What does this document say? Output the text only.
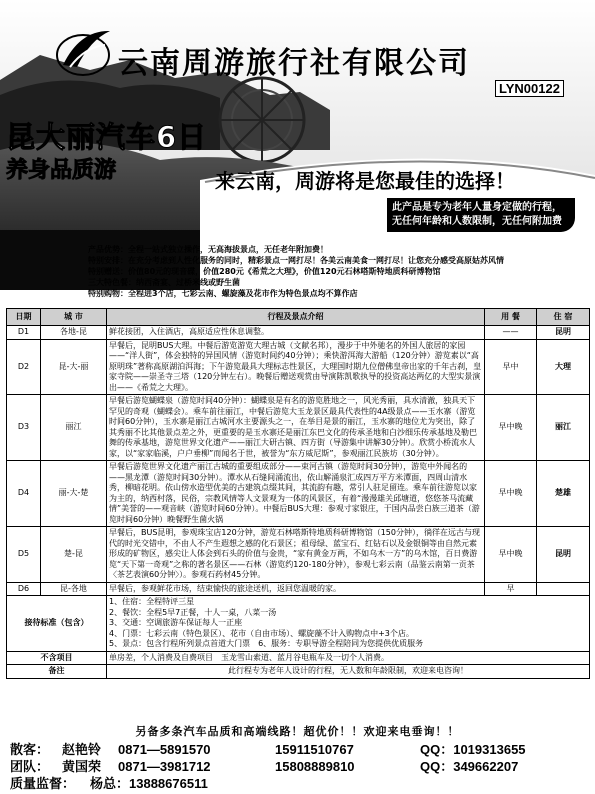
云南周游旅行社有限公司
LYN00122
昆大丽汽车6日
养身品质游	来云南，周游将是您最佳的选择！
此产品是专为老年人量身定做的行程，无任何年龄和人数限制，无任何附加费
产品优势：全程一站式独立操作，无高海拔景点，无任老年附加费！
特别安排：在充分考虑到人性化服务的同时，精彩景点一网打尽！各美云南美食一网打尽！让您充分感受高原姑苏风情
特别赠送：价值80元的现音碟，价值280元《希荒之大理》，价值120元石林嗒斯特地质科研博物馆
三大特色餐：纳西斋宴、过桥米线或野生菌
特别购物：全程进3个店，七彩云南、螺旋藻及花市作为特色景点均不算作店
日期	城 市	行程及景点介绍	用 餐	住 宿
D1	各地-昆	鲜花接团，入住酒店，高原适应性休息调整。	——	昆明
D2	昆-大-丽	早餐后，昆明BUS大理。中餐后游览游览大理古城（文献名邦），漫步于中外驰名的外国人旅居的家园——“洋人街”，体会独特的异国风情（游览时间约40分钟）；乘快游洱海大游船（120分钟）游览素以“高原明珠”著称高原湖泊洱海；下午游览最具大理标志性景区，大理国时期九位僧佛皇帝出家的千年古刹，皇家寺院——崇圣寺三塔（120分钟左右）。晚餐后赠送观赏由导演陈凯歌执导的投资高达两亿的大型实景演出——《希荒之大理》。	早中	大理
D3	丽江	早餐后游览蝴蝶泉（游览时间40分钟）：蝴蝶泉是有名的游览胜地之一，风光秀丽，具水清澈，独具天下罕见的奇观（蝴蝶会）。乘车前往丽江，中餐后游览大玉龙景区最具代表性的4A级景点——玉水寨（游览时间60分钟），玉水寨是丽江古城河水主要源头之一，在举目是景的丽江，玉水寨的地位尤为突出，除了其秀丽不比其他景点差之外，更重要的是玉水寨还是丽江东巴文化的传承圣地和白沙细乐传承基地及勒巴舞的传承基地，游览世界文化遗产——丽江大研古镇、四方街（导游集中讲解30分钟）。欣赏小桥流水人家，以“家家临溪，户户垂柳”而闻名于世，被誉为“东方威尼斯”，参观丽江民族坊（30分钟）。	早中晚	丽江
D4	丽-大-楚	早餐后游览世界文化遗产丽江古城的重要组成部分——束河古镇（游览时间30分钟），游览中外闻名的——黑龙潭（游览时间30分钟）。潭水从石缝间涌流出，依山解涌泉汇成四万平方米潭面，四周山清水秀，柳暗花明。依山傍水造型优美的古建筑点缀其间，其流韵有趣，常引人驻足留连。乘车前往游览以家为主的，纳西村落，民俗，宗教风情等人文景观为一体的风景区，有着“漫漫雄关邱塘道，悠悠茶马流藏情”美誉的——观音峡（游览时间60分钟）。中餐后BUS大理：参观寸家银庄，于国内品尝白族三道茶（游览时间60分钟）晚餐野生菌火锅	早中晚	楚雄
D5	楚-昆	早餐后，BUS昆明，参观珠宝店120分钟，游览石林嗒斯特地质科研博物馆（150分钟），徜徉在远古与现代的时光交错中，不由人不产生遐想之感的化石景区；祖母绿、蓝宝石、红钻石以及金银铜等由自然元素形成的矿物区，感尖让人体会到石头的价值与金贵，“家有黄金万两，不如乌木一方”的乌木馆，百日费游览“天下第一奇观”之称的著名景区——石林（游览约120-180分钟），参观七彩云南（品鉴云南第一贡茶〈茶艺表演60分钟〉）。参观石药材45分钟。	早中晚	昆明
D6	昆-各地	早餐后，参观鲜花市场，结束愉快的旅途送机，返回您温暖的家。	早	
接待标准（包含）		1、住宿：全程特评三星
2、餐饮：全程5早7正餐，十人一桌，八菜一汤
3、交通：空调旅游车保证每人一正座
4、门票：七彩云南（特色景区）、花市（自由市场）、螺旋藻不计入购物点中+3个店。
5、景点：包含行程所列景点首道大门票　6、服务：专职导游全程陪同为您提供优质服务		

不含项目		单房差，个人消费及自费项目　玉龙雪山索道、蓝月谷电瓶车及一切个人消费。		
备注		此行程专为老年人设计的行程，无人数和年龄限制，欢迎来电咨询！		
另备多条汽车品质和高端线路！超优价！！欢迎来电垂询！！
散客： 赵艳铃 0871—5891570	15911510767	QQ：1019313655
团队： 黄国荣 0871—3981712	15808889810	QQ：349662207
质量监督： 杨总：13888676511
